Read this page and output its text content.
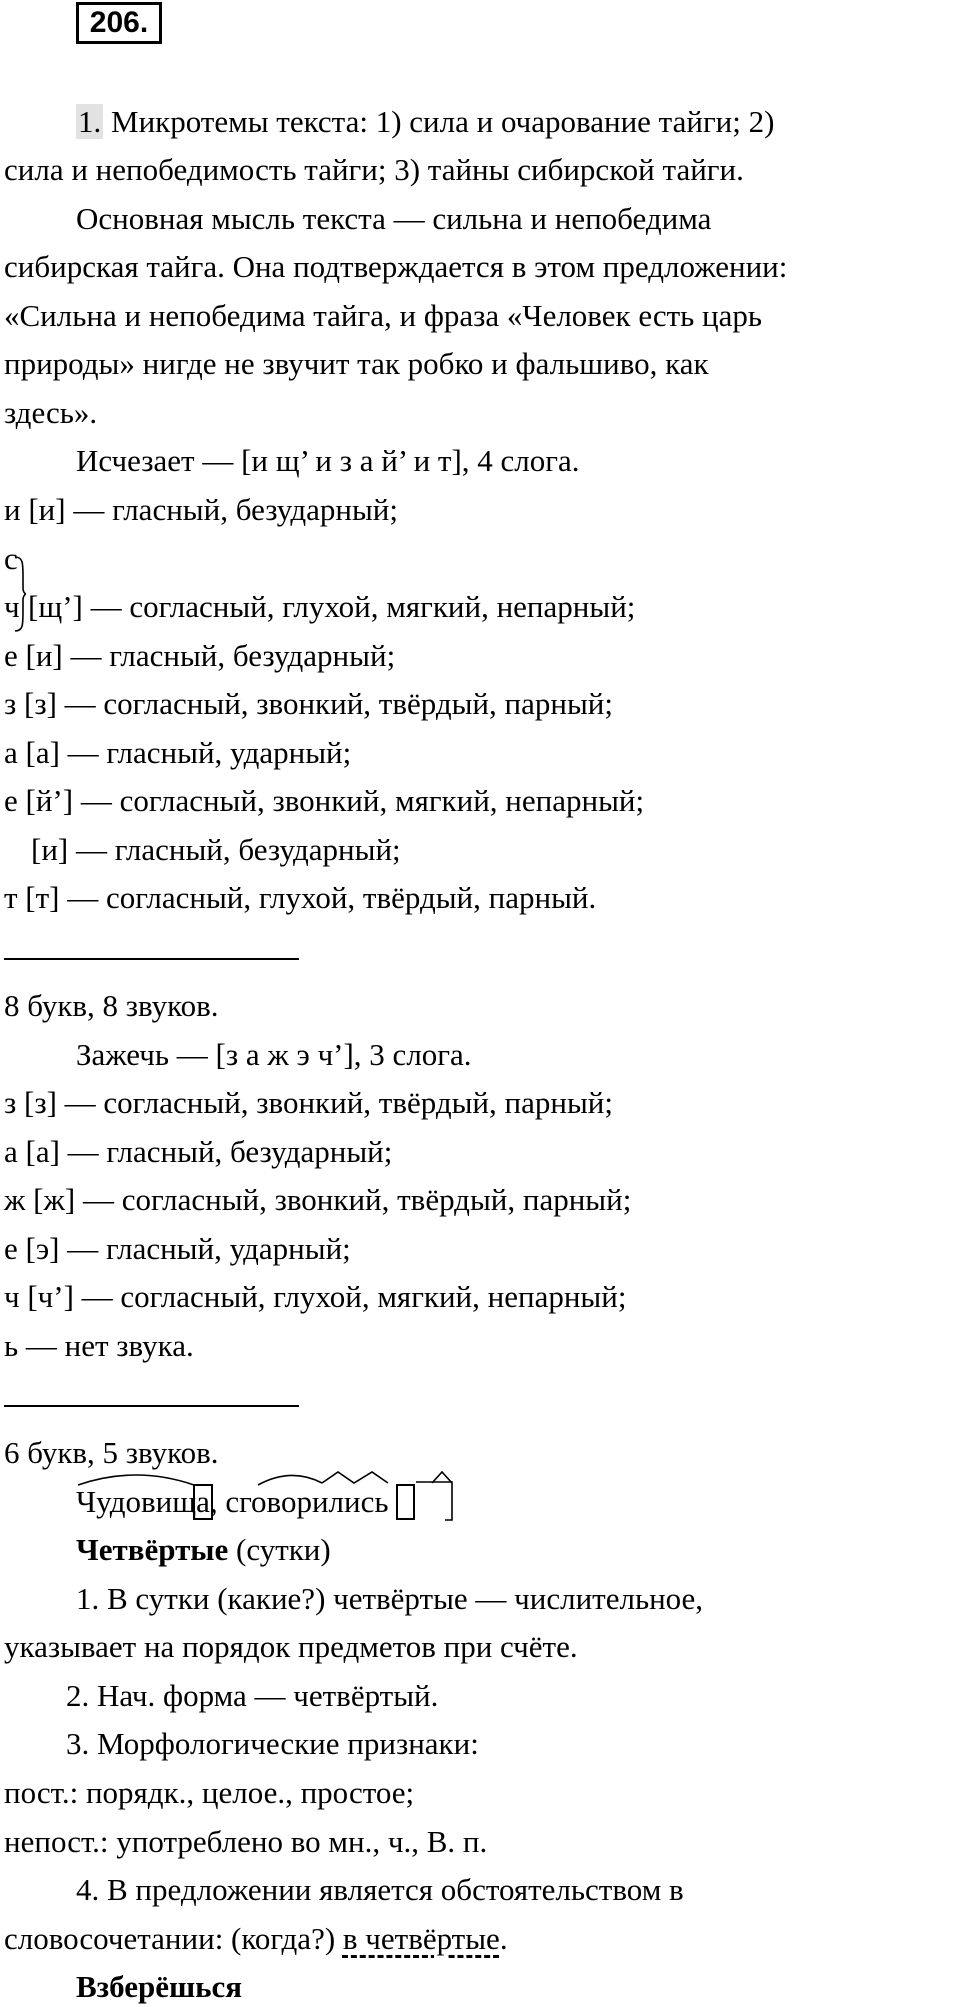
206.
1. Микротемы текста: 1) сила и очарование тайги; 2)
сила и непобедимость тайги; 3) тайны сибирской тайги.
Основная мысль текста — сильна и непобедима
сибирская тайга. Она подтверждается в этом предложении:
«Сильна и непобедима тайга, и фраза «Человек есть царь
природы» нигде не звучит так робко и фальшиво, как
здесь».
Исчезает — [и щ’ и з а й’ и т], 4 слога.
и [и] — гласный, безударный;
с
ч [щ’] — согласный, глухой, мягкий, непарный;
е [и] — гласный, безударный;
з [з] — согласный, звонкий, твёрдый, парный;
а [а] — гласный, ударный;
е [й’] — согласный, звонкий, мягкий, непарный;
[и] — гласный, безударный;
т [т] — согласный, глухой, твёрдый, парный.
8 букв, 8 звуков.
Зажечь — [з а ж э ч’], 3 слога.
з [з] — согласный, звонкий, твёрдый, парный;
а [а] — гласный, безударный;
ж [ж] — согласный, звонкий, твёрдый, парный;
е [э] — гласный, ударный;
ч [ч’] — согласный, глухой, мягкий, непарный;
ь — нет звука.
6 букв, 5 звуков.
Чудовища, сговорились
Четвёртые (сутки)
1. В сутки (какие?) четвёртые — числительное,
указывает на порядок предметов при счёте.
2. Нач. форма — четвёртый.
3. Морфологические признаки:
пост.: порядк., целое., простое;
непост.: употреблено во мн., ч., В. п.
4. В предложении является обстоятельством в
словосочетании: (когда?) в четвёртые.
Взберёшься
